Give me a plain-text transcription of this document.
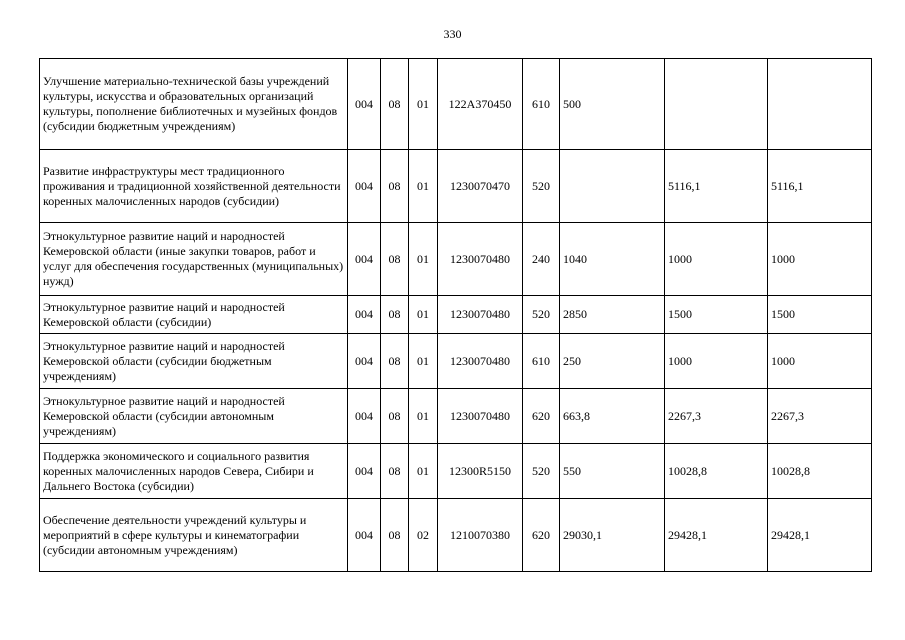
330
Улучшение материально-технической базы учреждений культуры, искусства и образовательных организаций культуры, пополнение библиотечных и музейных фондов (субсидии бюджетным учреждениям)	004	08	01	122A370450	610	500		
Развитие инфраструктуры мест традиционного проживания и традиционной хозяйственной деятельности коренных малочисленных народов (субсидии)	004	08	01	1230070470	520		5116,1	5116,1
Этнокультурное развитие наций и народностей Кемеровской области (иные закупки товаров, работ и услуг для обеспечения государственных (муниципальных) нужд)	004	08	01	1230070480	240	1040	1000	1000
Этнокультурное развитие наций и народностей Кемеровской области (субсидии)	004	08	01	1230070480	520	2850	1500	1500
Этнокультурное развитие наций и народностей Кемеровской области (субсидии бюджетным учреждениям)	004	08	01	1230070480	610	250	1000	1000
Этнокультурное развитие наций и народностей Кемеровской области (субсидии автономным учреждениям)	004	08	01	1230070480	620	663,8	2267,3	2267,3
Поддержка экономического и социального развития коренных малочисленных народов Севера, Сибири и Дальнего Востока (субсидии)	004	08	01	12300R5150	520	550	10028,8	10028,8
Обеспечение деятельности учреждений культуры и мероприятий в сфере культуры и кинематографии (субсидии автономным учреждениям)	004	08	02	1210070380	620	29030,1	29428,1	29428,1
